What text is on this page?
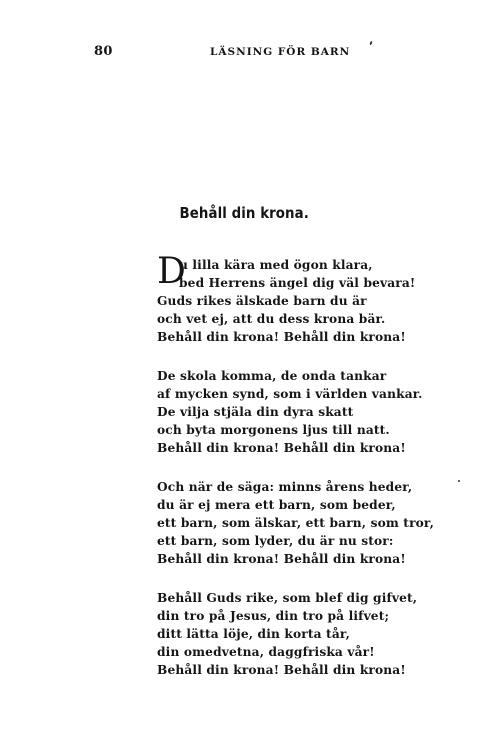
80	LÄSNING FÖR BARN
Behåll din krona.
D
u lilla kära med ögon klara,
bed Herrens ängel dig väl bevara!
Guds rikes älskade barn du är
och vet ej, att du dess krona bär.
Behåll din krona! Behåll din krona!
De skola komma, de onda tankar
af mycken synd, som i världen vankar.
De vilja stjäla din dyra skatt
och byta morgonens ljus till natt.
Behåll din krona! Behåll din krona!
Och när de säga: minns årens heder,
du är ej mera ett barn, som beder,
ett barn, som älskar, ett barn, som tror,
ett barn, som lyder, du är nu stor:
Behåll din krona! Behåll din krona!
Behåll Guds rike, som blef dig gifvet,
din tro på Jesus, din tro på lifvet;
ditt lätta löje, din korta tår,
din omedvetna, daggfriska vår!
Behåll din krona! Behåll din krona!
